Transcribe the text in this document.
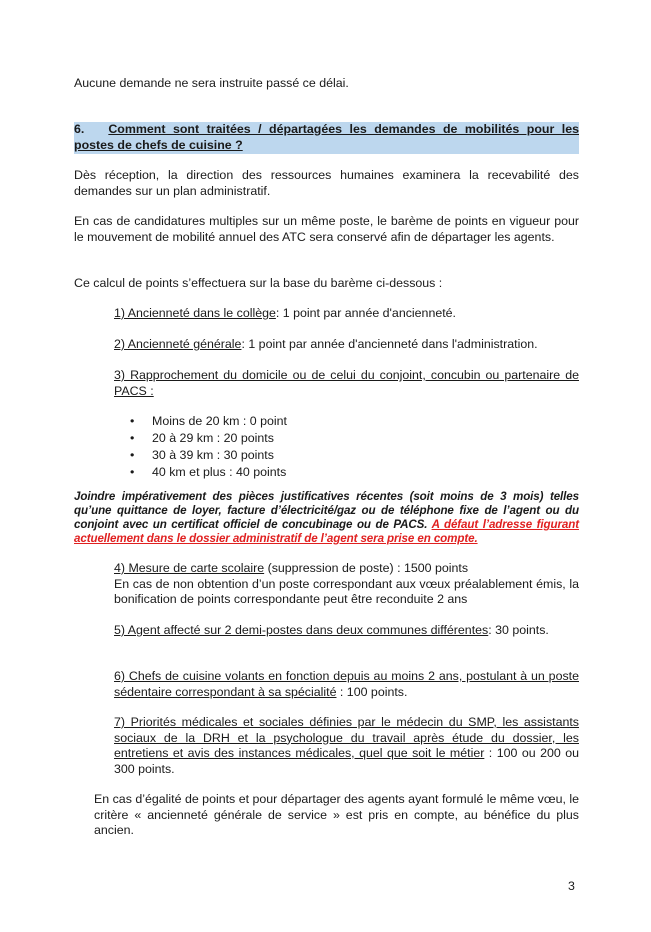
Aucune demande ne sera instruite passé ce délai.
6. Comment sont traitées / départagées les demandes de mobilités pour les postes de chefs de cuisine ?
Dès réception, la direction des ressources humaines examinera la recevabilité des demandes sur un plan administratif.
En cas de candidatures multiples sur un même poste, le barème de points en vigueur pour le mouvement de mobilité annuel des ATC sera conservé afin de départager les agents.
Ce calcul de points s’effectuera sur la base du barème ci-dessous :
1) Ancienneté dans le collège: 1 point par année d'ancienneté.
2) Ancienneté générale: 1 point par année d'ancienneté dans l'administration.
3) Rapprochement du domicile ou de celui du conjoint, concubin ou partenaire de PACS :
• Moins de 20 km : 0 point
• 20 à 29 km : 20 points
• 30 à 39 km : 30 points
• 40 km et plus : 40 points
Joindre impérativement des pièces justificatives récentes (soit moins de 3 mois) telles qu’une quittance de loyer, facture d’électricité/gaz ou de téléphone fixe de l’agent ou du conjoint avec un certificat officiel de concubinage ou de PACS. A défaut l’adresse figurant actuellement dans le dossier administratif de l’agent sera prise en compte.
4) Mesure de carte scolaire (suppression de poste) : 1500 points
En cas de non obtention d’un poste correspondant aux vœux préalablement émis, la bonification de points correspondante peut être reconduite 2 ans
5) Agent affecté sur 2 demi-postes dans deux communes différentes: 30 points.
6) Chefs de cuisine volants en fonction depuis au moins 2 ans, postulant à un poste sédentaire correspondant à sa spécialité : 100 points.
7) Priorités médicales et sociales définies par le médecin du SMP, les assistants sociaux de la DRH et la psychologue du travail après étude du dossier, les entretiens et avis des instances médicales, quel que soit le métier : 100 ou 200 ou 300 points.
En cas d’égalité de points et pour départager des agents ayant formulé le même vœu, le critère « ancienneté générale de service » est pris en compte, au bénéfice du plus ancien.
3
